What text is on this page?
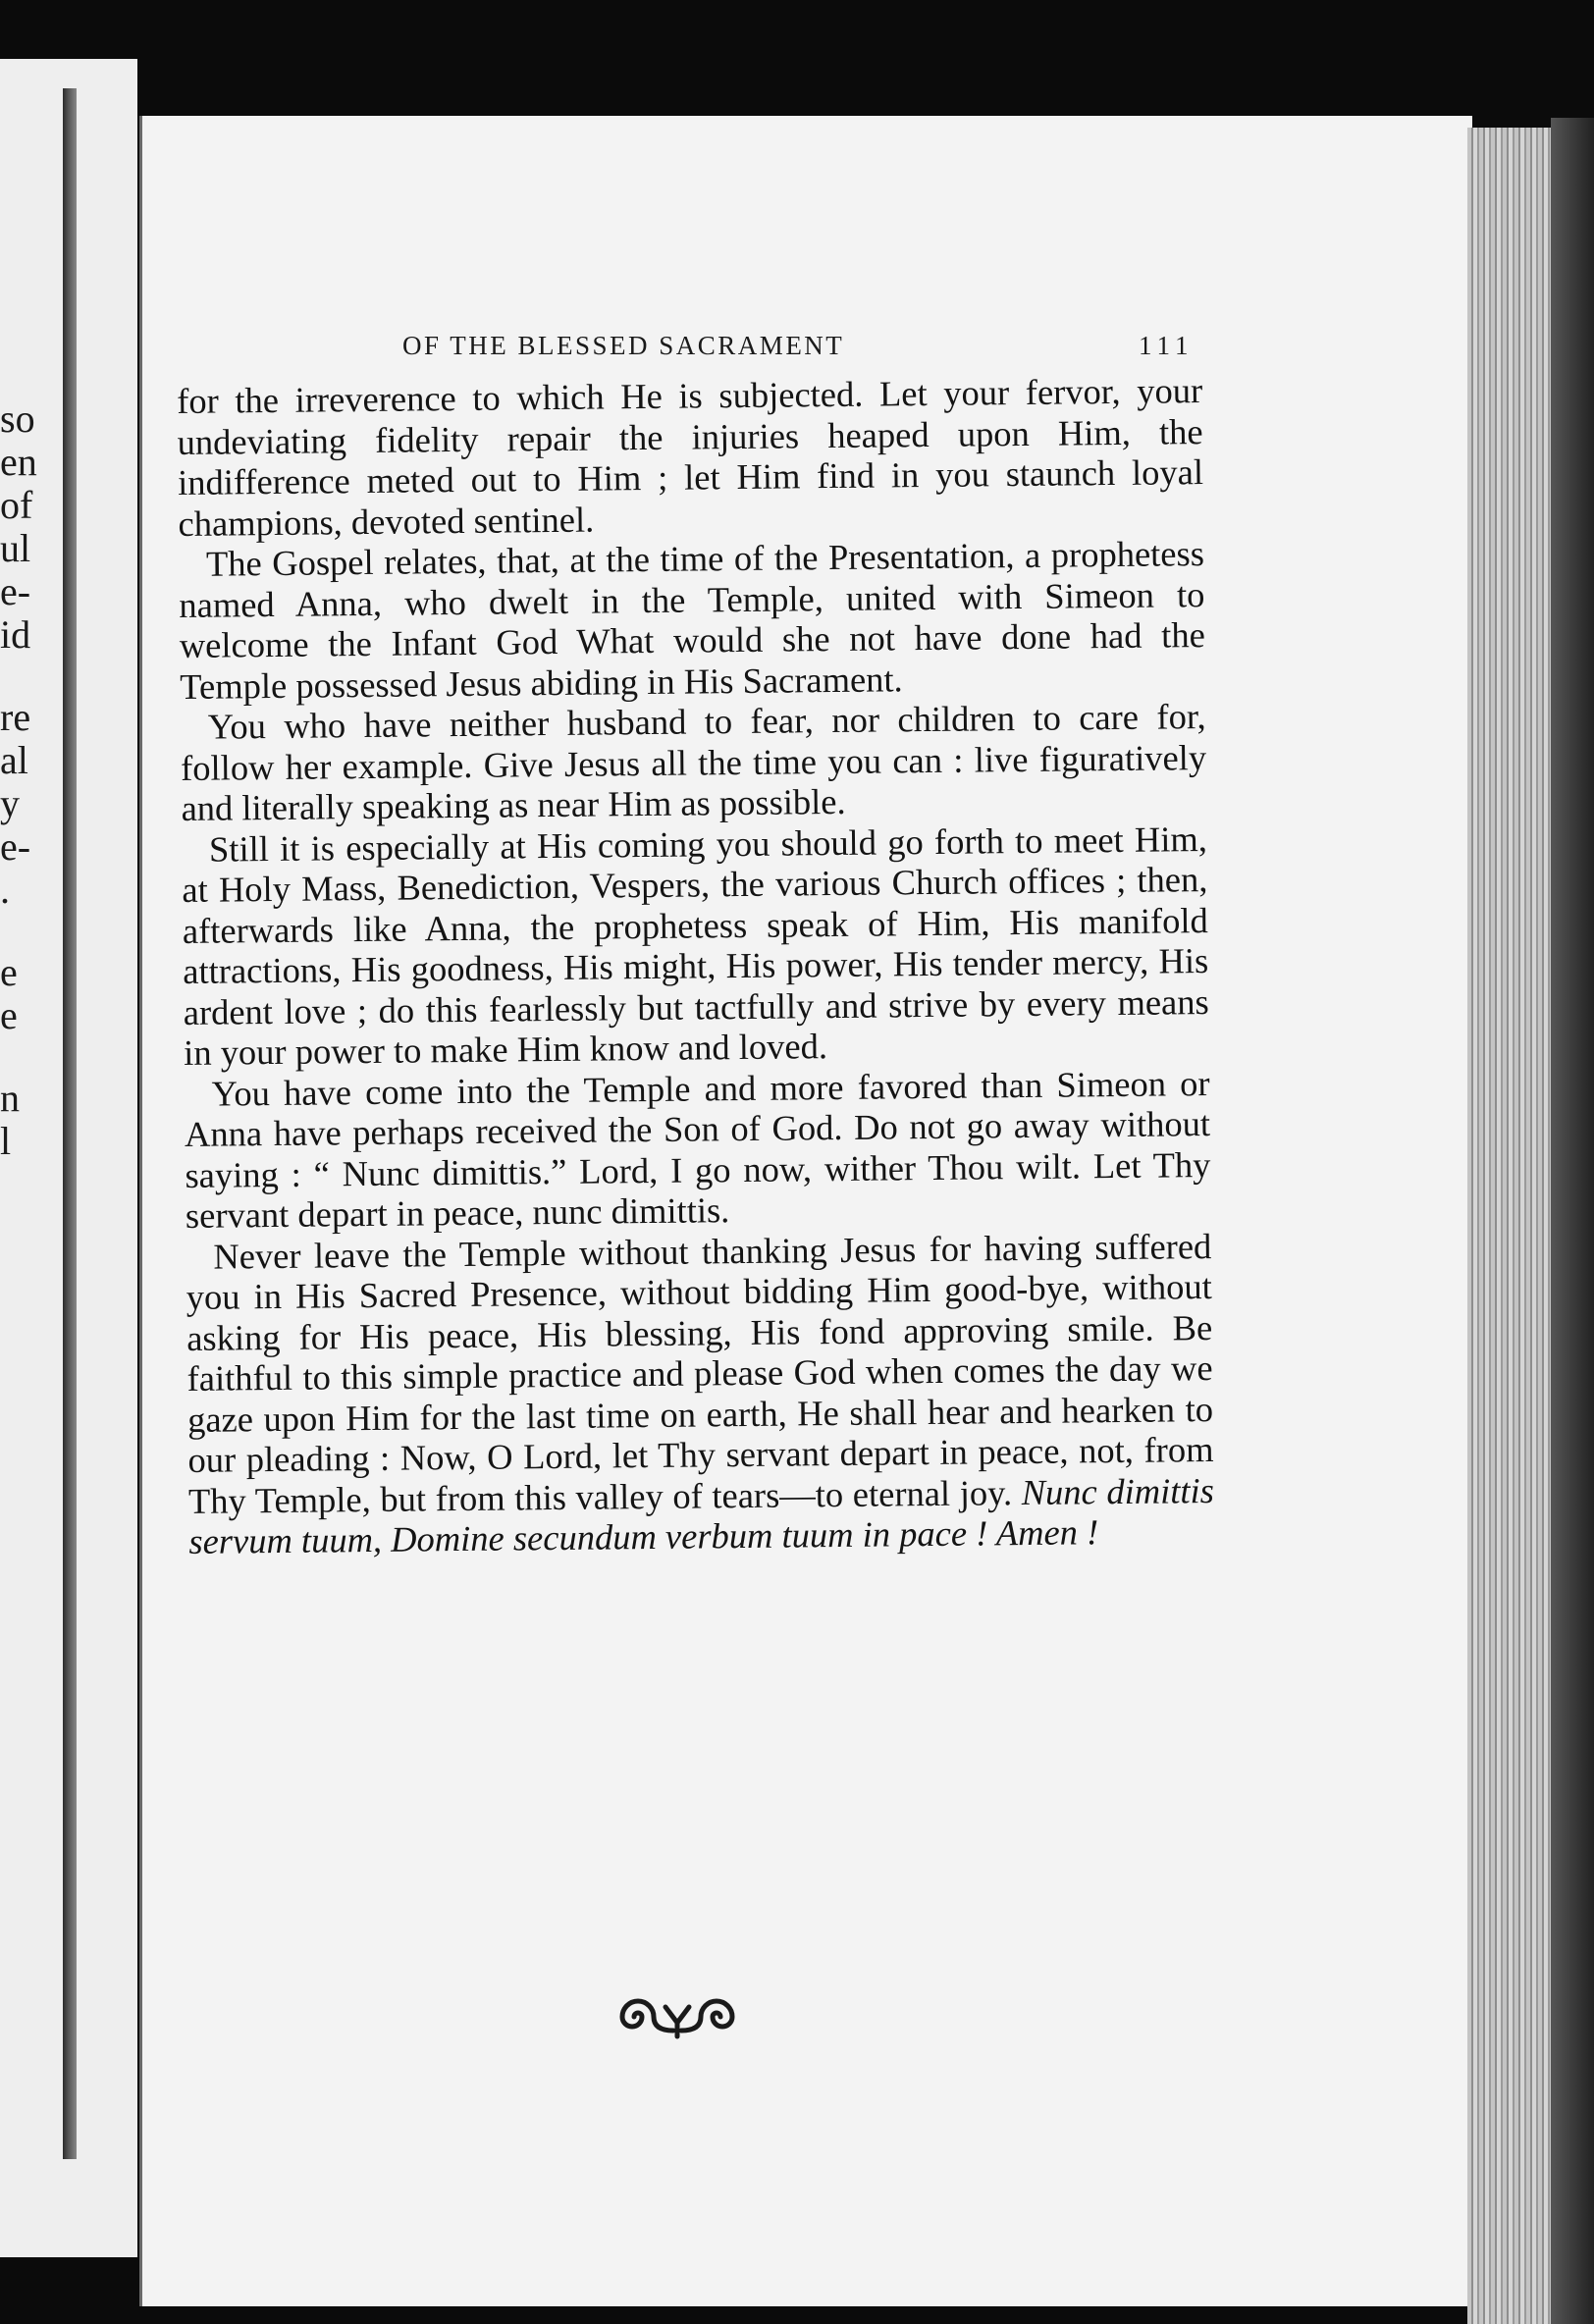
so
en
of
ul
e-
id
re
al
y
e-
.
e
e
n
l
OF THE BLESSED SACRAMENT	111

for the irreverence to which He is subjected. Let your fervor, your undeviating fidelity repair the injuries heaped upon Him, the indifference meted out to Him ; let Him find in you staunch loyal champions, devoted sentinel.

The Gospel relates, that, at the time of the Presentation, a prophetess named Anna, who dwelt in the Temple, united with Simeon to welcome the Infant God What would she not have done had the Temple possessed Jesus abiding in His Sacrament.

You who have neither husband to fear, nor children to care for, follow her example. Give Jesus all the time you can : live figuratively and literally speaking as near Him as possible.

Still it is especially at His coming you should go forth to meet Him, at Holy Mass, Benediction, Vespers, the various Church offices ; then, afterwards like Anna, the prophetess speak of Him, His manifold attractions, His goodness, His might, His power, His tender mercy, His ardent love ; do this fearlessly but tactfully and strive by every means in your power to make Him know and loved.

You have come into the Temple and more favored than Simeon or Anna have perhaps received the Son of God. Do not go away without saying : “ Nunc dimittis.” Lord, I go now, wither Thou wilt. Let Thy servant depart in peace, nunc dimittis.

Never leave the Temple without thanking Jesus for having suffered you in His Sacred Presence, without bidding Him good-bye, without asking for His peace, His blessing, His fond approving smile. Be faithful to this simple practice and please God when comes the day we gaze upon Him for the last time on earth, He shall hear and hearken to our pleading : Now, O Lord, let Thy servant depart in peace, not, from Thy Temple, but from this valley of tears—to eternal joy. Nunc dimittis servum tuum, Domine secundum verbum tuum in pace ! Amen !
